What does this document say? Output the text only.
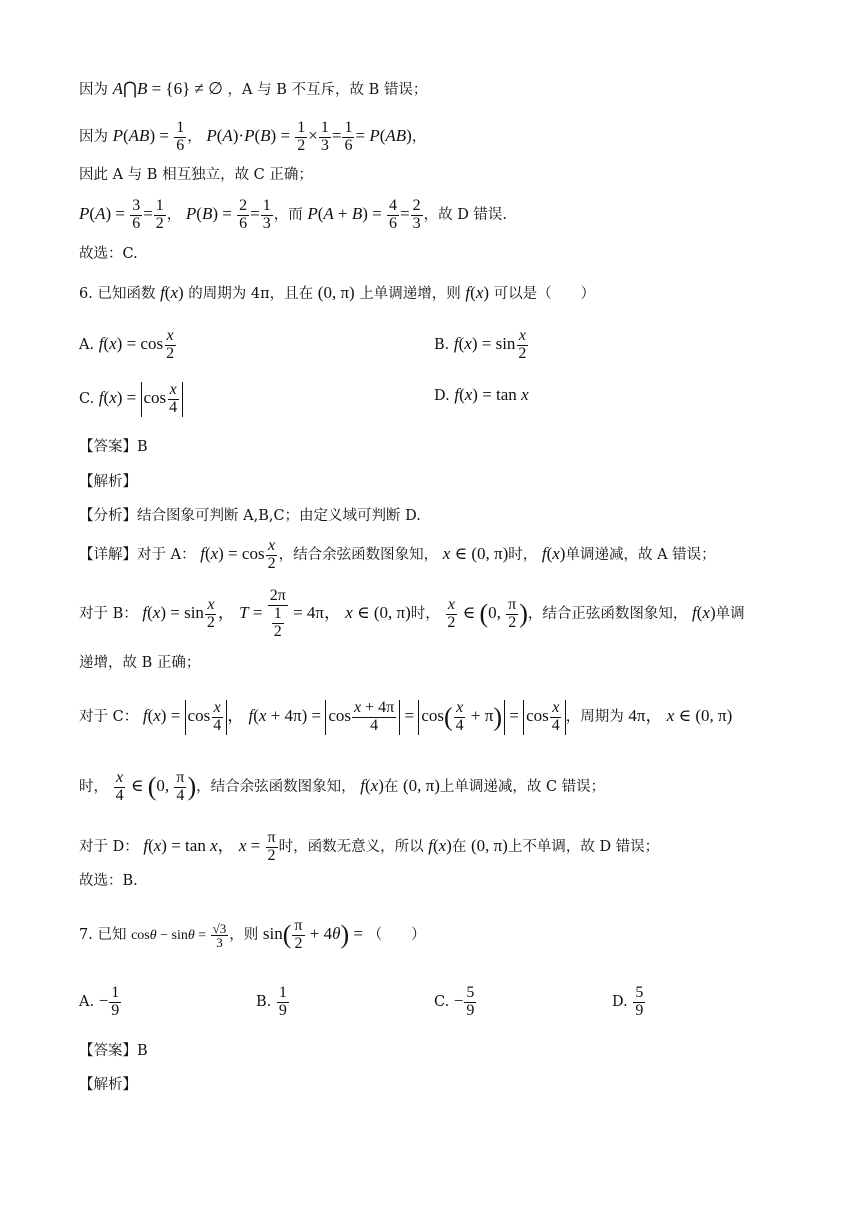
因为 A⋂B = {6} ≠ ∅ ，A 与 B 不互斥，故 B 错误；
因为 $P(AB) = \frac{1}{6}$ ， $P(A)\cdot P(B) = \frac{1}{2} \times \frac{1}{3} = \frac{1}{6} = P(AB)$，
因此 A 与 B 相互独立，故 C 正确；
$P(A) = \frac{3}{6} = \frac{1}{2}$ ， $P(B) = \frac{2}{6} = \frac{1}{3}$ ，而 $P(A + B) = \frac{4}{6} = \frac{2}{3}$ ，故 D 错误.
故选：C.
6. 已知函数 f(x) 的周期为 4π，且在 (0, π) 上单调递增，则 f(x) 可以是（　　）
A. $f(x) = \cos \frac{x}{2}$	B. $f(x) = \sin \frac{x}{2}$
C. $f(x) = \cos \frac{x}{4}$	D. f(x) = tan x
【答案】B
【解析】
【分析】结合图象可判断 A,B,C；由定义域可判断 D.
【详解】对于 A： $f(x) = \cos \frac{x}{2}$ ，结合余弦函数图象知， x ∈ (0, π)时， f(x)单调递减，故 A 错误；
对于 B： $f(x) = \sin \frac{x}{2}$ ， $T = \frac{2\pi}{\frac{1}{2}} = 4\pi$， x ∈ (0, π)时， $\frac{x}{2}$ ∈ (0, $\frac{\pi}{2}$ )，结合正弦函数图象知， f(x)单调
递增，故 B 正确；
对于 C： $f(x) = \cos \frac{x}{4}$ ， $f(x + 4\pi) = \cos \frac{x + 4\pi}{4} = \cos( \frac{x}{4} + \pi) = \cos \frac{x}{4}$ ，周期为 4π， x ∈ (0, π)
时， $\frac{x}{4}$ ∈ (0, $\frac{\pi}{4}$ )，结合余弦函数图象知， f(x)在 (0, π)上单调递减，故 C 错误；
对于 D： f(x) = tan x， $x = \frac{\pi}{2}$ 时，函数无意义，所以 f(x)在 (0, π)上不单调，故 D 错误；
故选：B.
7. 已知 $\cos\theta - \sin\theta = \frac{√3}{3}$ ，则 $\sin( \frac{\pi}{2} + 4\theta)$ = （　　）
A. − $\frac{1}{9}$	B. $\frac{1}{9}$	C. − $\frac{5}{9}$	D. $\frac{5}{9}$
【答案】B
【解析】
